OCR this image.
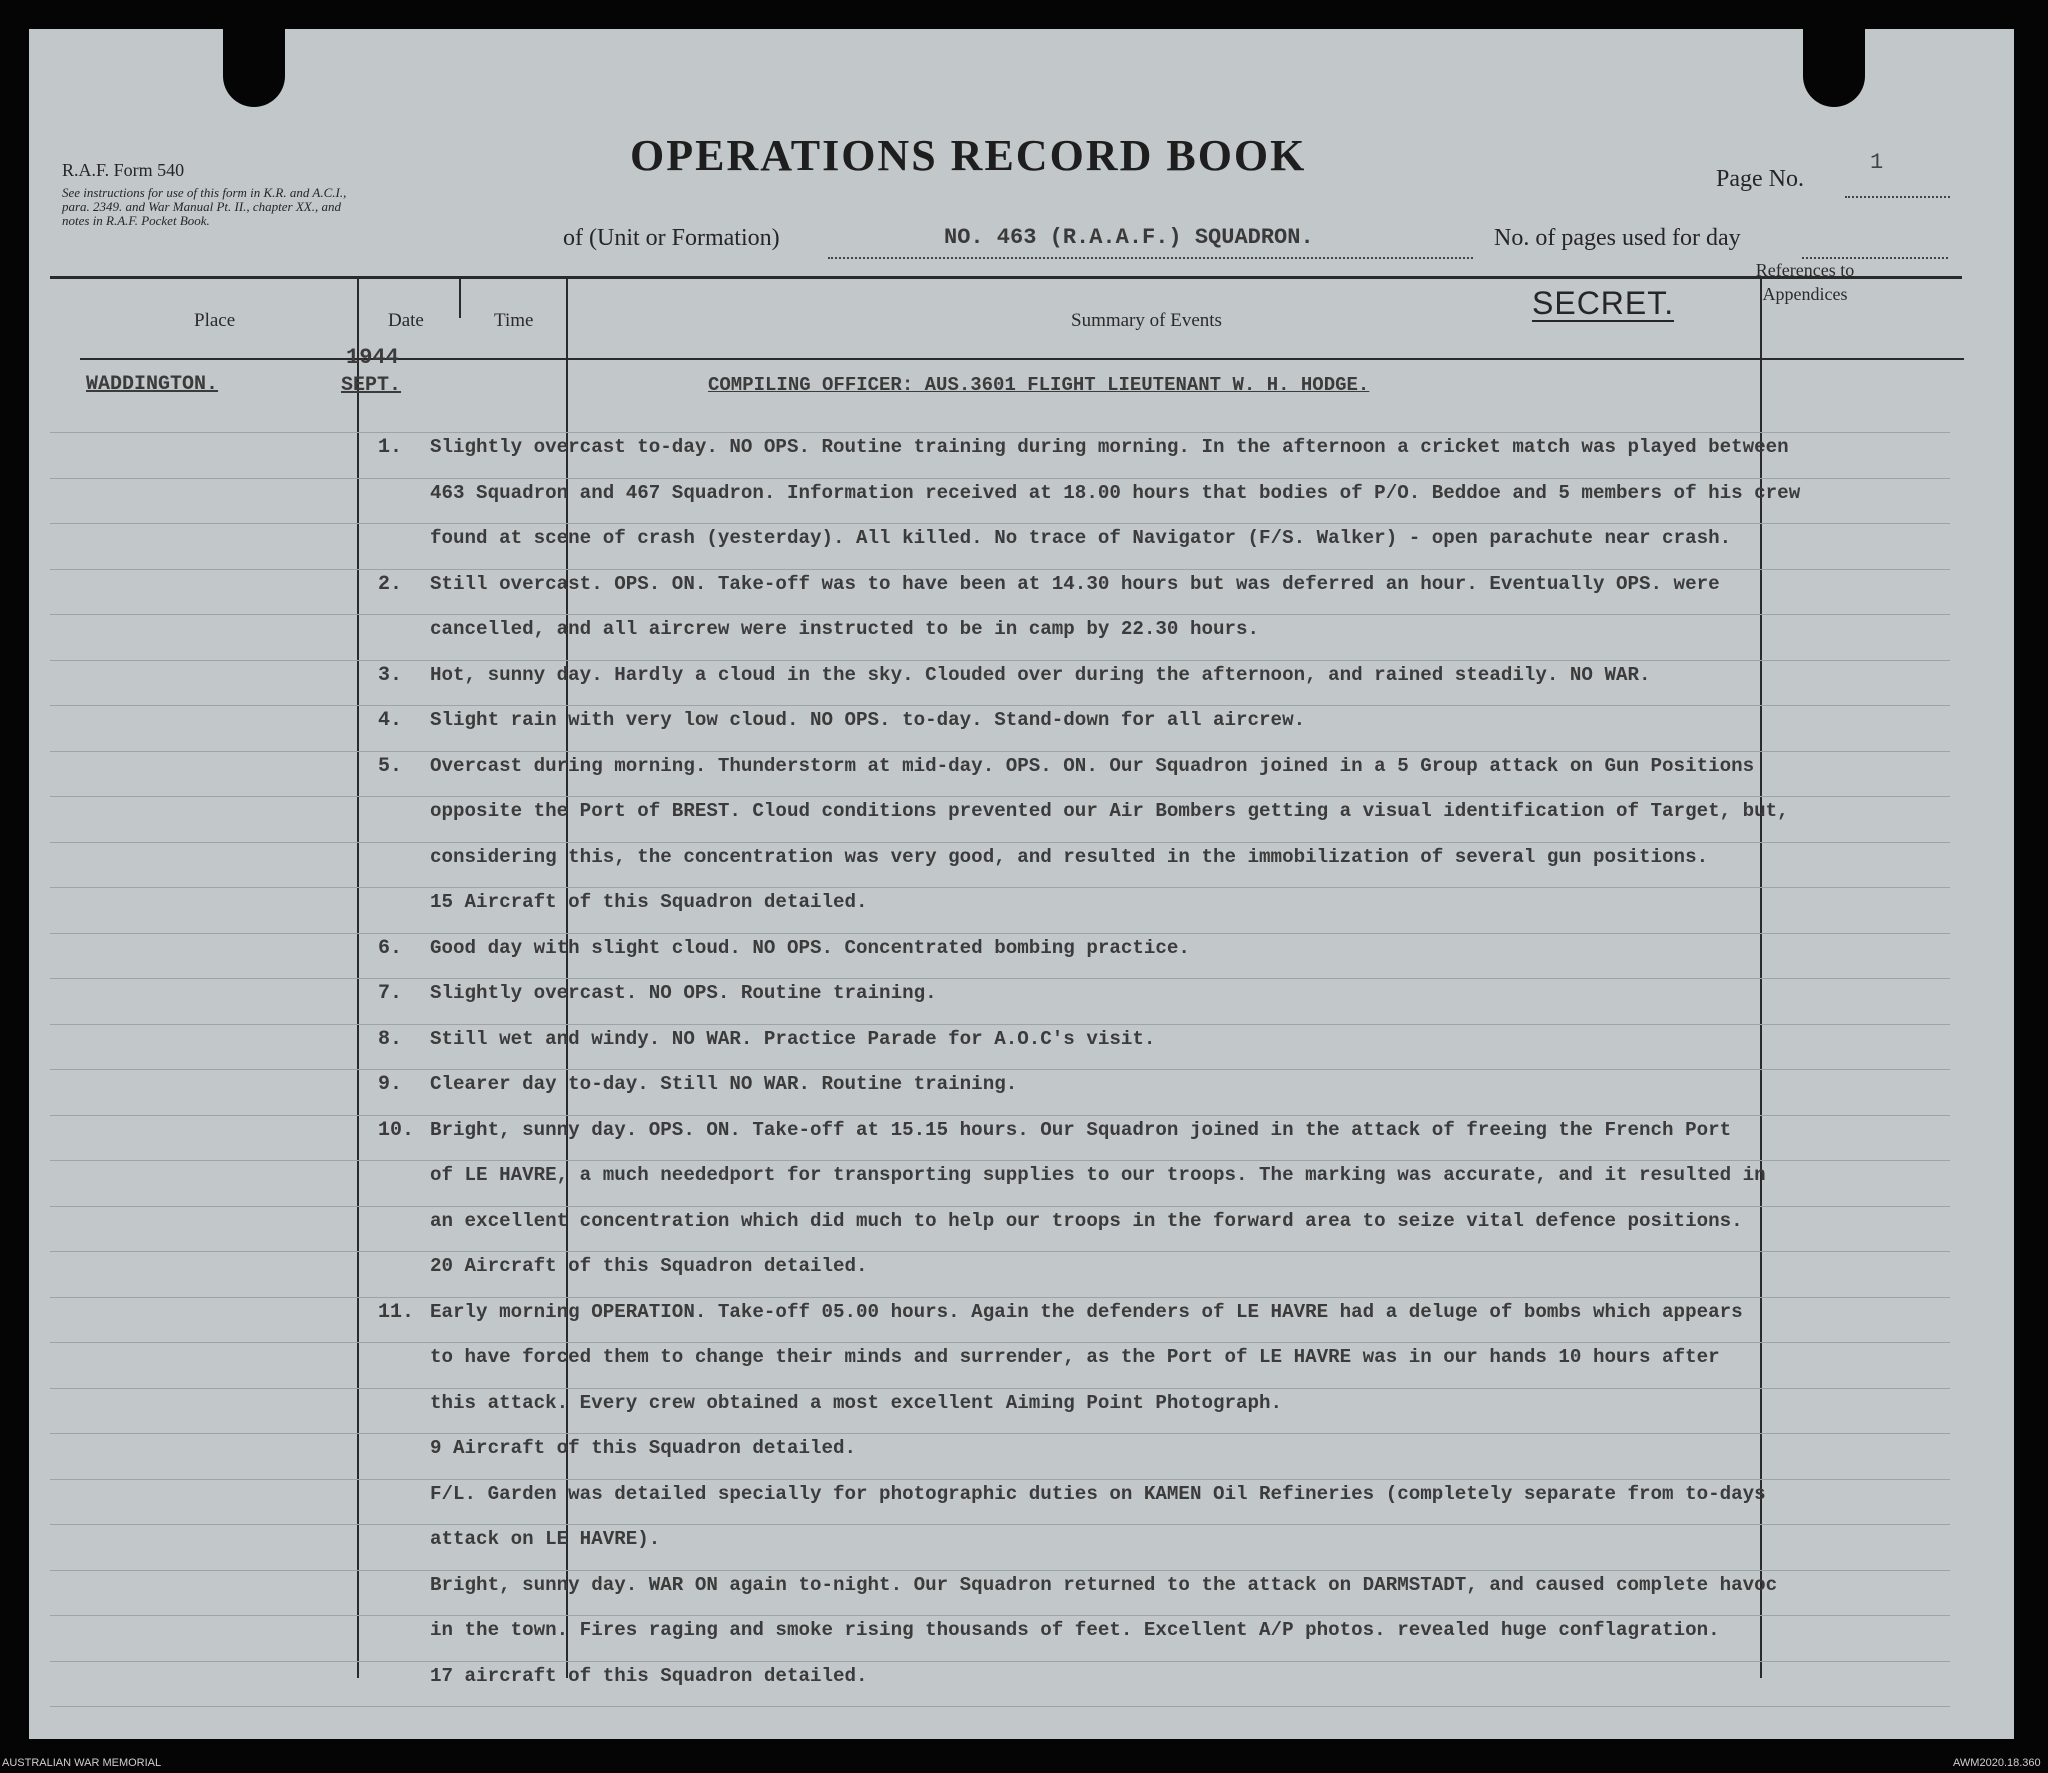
R.A.F. Form 540
See instructions for use of this form in K.R. and A.C.I.,
para. 2349. and War Manual Pt. II., chapter XX., and
notes in R.A.F. Pocket Book.
OPERATIONS RECORD BOOK	Page No.
1
of (Unit or Formation)	NO. 463 (R.A.A.F.) SQUADRON.	No. of pages used for day
Place	Date	Time	Summary of Events	SECRET.
References to Appendices
WADDINGTON.
1944
SEPT.	COMPILING OFFICER: AUS.3601 FLIGHT LIEUTENANT W. H. HODGE.
1. Slightly overcast to-day. NO OPS. Routine training during morning. In the afternoon a cricket match was played between
463 Squadron and 467 Squadron. Information received at 18.00 hours that bodies of P/O. Beddoe and 5 members of his crew
found at scene of crash (yesterday). All killed. No trace of Navigator (F/S. Walker) - open parachute near crash.
2. Still overcast. OPS. ON. Take-off was to have been at 14.30 hours but was deferred an hour. Eventually OPS. were
cancelled, and all aircrew were instructed to be in camp by 22.30 hours.
3. Hot, sunny day. Hardly a cloud in the sky. Clouded over during the afternoon, and rained steadily. NO WAR.
4. Slight rain with very low cloud. NO OPS. to-day. Stand-down for all aircrew.
5. Overcast during morning. Thunderstorm at mid-day. OPS. ON. Our Squadron joined in a 5 Group attack on Gun Positions
opposite the Port of BREST. Cloud conditions prevented our Air Bombers getting a visual identification of Target, but,
considering this, the concentration was very good, and resulted in the immobilization of several gun positions.
15 Aircraft of this Squadron detailed.
6. Good day with slight cloud. NO OPS. Concentrated bombing practice.
7. Slightly overcast. NO OPS. Routine training.
8. Still wet and windy. NO WAR. Practice Parade for A.O.C's visit.
9. Clearer day to-day. Still NO WAR. Routine training.
10. Bright, sunny day. OPS. ON. Take-off at 15.15 hours. Our Squadron joined in the attack of freeing the French Port
of LE HAVRE, a much neededport for transporting supplies to our troops. The marking was accurate, and it resulted in
an excellent concentration which did much to help our troops in the forward area to seize vital defence positions.
20 Aircraft of this Squadron detailed.
11. Early morning OPERATION. Take-off 05.00 hours. Again the defenders of LE HAVRE had a deluge of bombs which appears
to have forced them to change their minds and surrender, as the Port of LE HAVRE was in our hands 10 hours after
this attack. Every crew obtained a most excellent Aiming Point Photograph.
9 Aircraft of this Squadron detailed.
F/L. Garden was detailed specially for photographic duties on KAMEN Oil Refineries (completely separate from to-days
attack on LE HAVRE).
Bright, sunny day. WAR ON again to-night. Our Squadron returned to the attack on DARMSTADT, and caused complete havoc
in the town. Fires raging and smoke rising thousands of feet. Excellent A/P photos. revealed huge conflagration.
17 aircraft of this Squadron detailed.
AUSTRALIAN WAR MEMORIAL	AWM2020.18.360
